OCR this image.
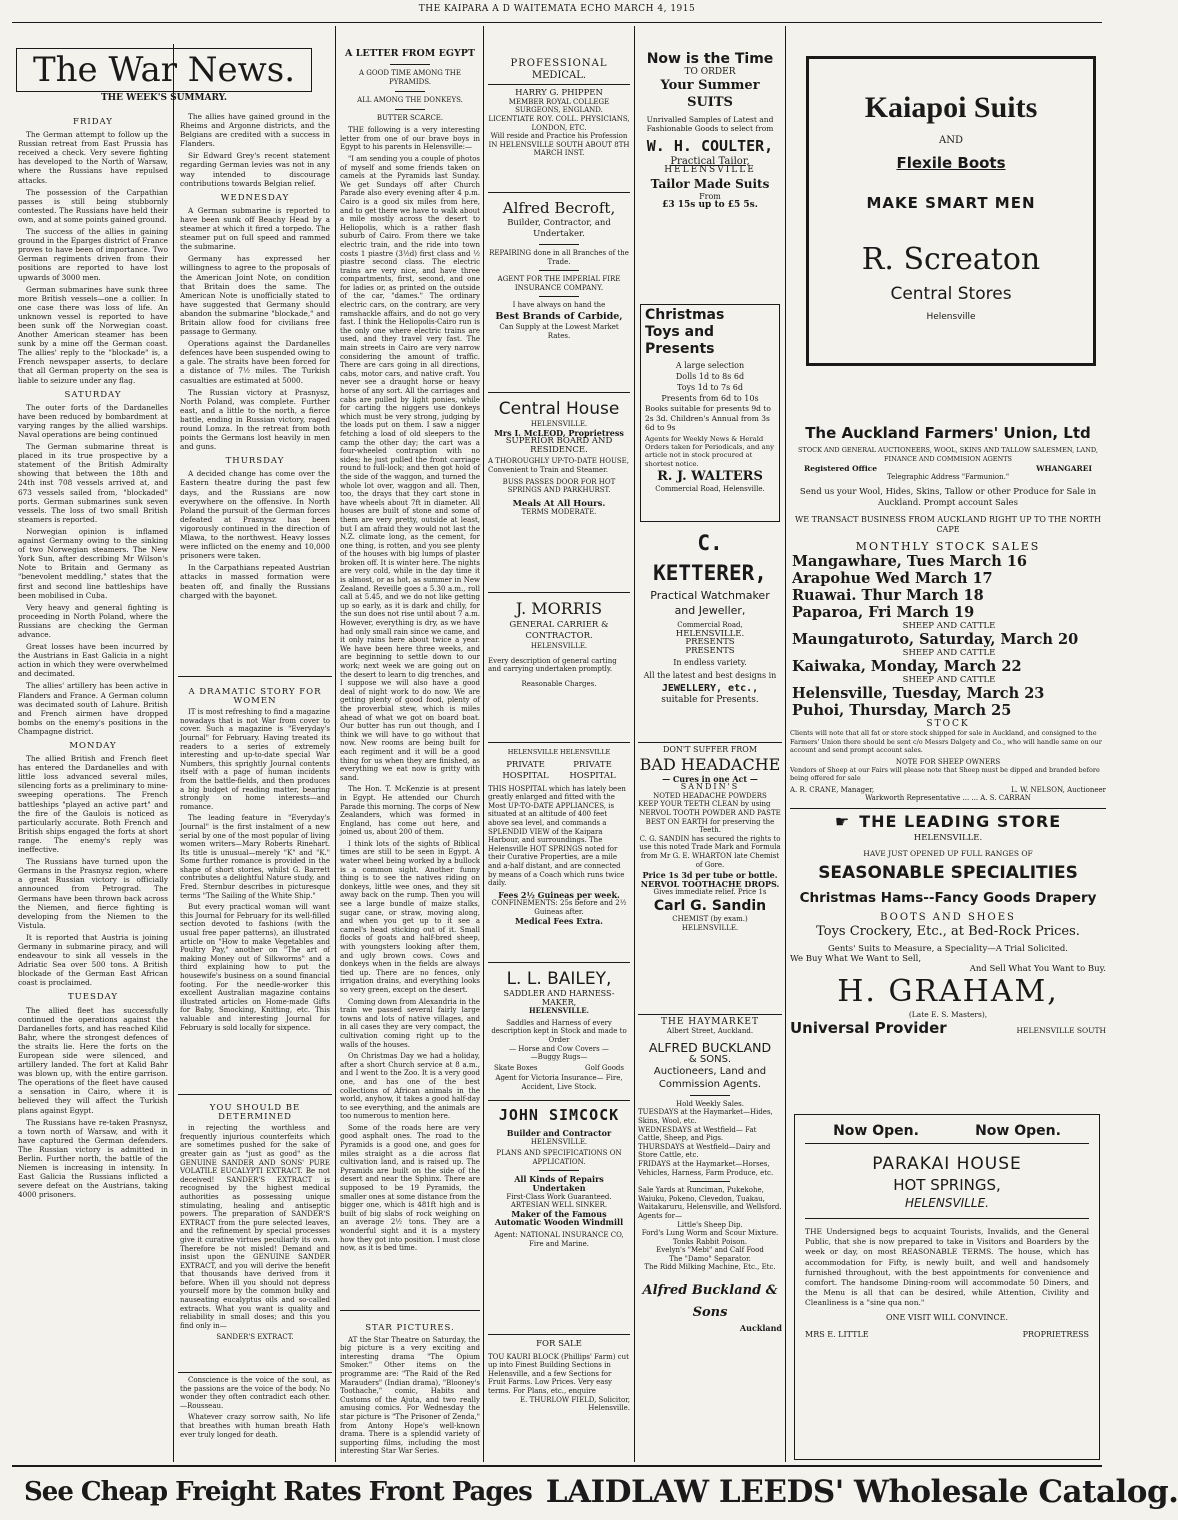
THE KAIPARA A D WAITEMATA ECHO MARCH 4, 1915
The War News.
THE WEEK'S SUMMARY.
FRIDAY

The German attempt to follow up the Russian retreat from East Prussia has received a check. Very severe fighting has developed to the North of Warsaw, where the Russians have repulsed attacks.

The possession of the Carpathian passes is still being stubbornly contested. The Russians have held their own, and at some points gained ground.

The success of the allies in gaining ground in the Eparges district of France proves to have been of importance. Two German regiments driven from their positions are reported to have lost upwards of 3000 men.

German submarines have sunk three more British vessels—one a collier. In one case there was loss of life. An unknown vessel is reported to have been sunk off the Norwegian coast. Another American steamer has been sunk by a mine off the German coast. The allies' reply to the "blockade" is, a French newspaper asserts, to declare that all German property on the sea is liable to seizure under any flag.

SATURDAY

The outer forts of the Dardanelles have been reduced by bombardment at varying ranges by the allied warships. Naval operations are being continued

The German submarine threat is placed in its true prospective by a statement of the British Admiralty showing that between the 18th and 24th inst 708 vessels arrived at, and 673 vessels sailed from, "blockaded" ports. German submarines sunk seven vessels. The loss of two small British steamers is reported.

Norwegian opinion is inflamed against Germany owing to the sinking of two Norwegian steamers. The New York Sun, after describing Mr Wilson's Note to Britain and Germany as "benevolent meddling," states that the first and second line battleships have been mobilised in Cuba.

Very heavy and general fighting is proceeding in North Poland, where the Russians are checking the German advance.

Great losses have been incurred by the Austrians in East Galicia in a night action in which they were overwhelmed and decimated.

The allies' artillery has been active in Flanders and France. A German column was decimated south of Lahure. British and French airmen have dropped bombs on the enemy's positions in the Champagne district.

MONDAY

The allied British and French fleet has entered the Dardanelles and with little loss advanced several miles, silencing forts as a preliminary to mine-sweeping operations. The French battleships "played an active part" and the fire of the Gaulois is noticed as particularly accurate. Both French and British ships engaged the forts at short range. The enemy's reply was ineffective.

The Russians have turned upon the Germans in the Prasnysz region, where a great Russian victory is officially announced from Petrograd. The Germans have been thrown back across the Niemen, and fierce fighting is developing from the Niemen to the Vistula.

It is reported that Austria is joining Germany in submarine piracy, and will endeavour to sink all vessels in the Adriatic Sea over 500 tons. A British blockade of the German East African coast is proclaimed.

TUESDAY

The allied fleet has successfully continued the operations against the Dardanelles forts, and has reached Kilid Bahr, where the strongest defences of the straits lie. Here the forts on the European side were silenced, and artillery landed. The fort at Kalid Bahr was blown up, with the entire garrison. The operations of the fleet have caused a sensation in Cairo, where it is believed they will affect the Turkish plans against Egypt.

The Russians have re-taken Prasnysz, a town north of Warsaw, and with it have captured the German defenders. The Russian victory is admitted in Berlin. Further north, the battle of the Niemen is increasing in intensity. In East Galicia the Russians inflicted a severe defeat on the Austrians, taking 4000 prisoners.

The allies have gained ground in the Rheims and Argonne districts, and the Belgians are credited with a success in Flanders.

Sir Edward Grey's recent statement regarding German levies was not in any way intended to discourage contributions towards Belgian relief.

WEDNESDAY

A German submarine is reported to have been sunk off Beachy Head by a steamer at which it fired a torpedo. The steamer put on full speed and rammed the submarine.

Germany has expressed her willingness to agree to the proposals of the American Joint Note, on condition that Britain does the same. The American Note is unofficially stated to have suggested that Germany should abandon the submarine "blockade," and Britain allow food for civilians free passage to Germany.

Operations against the Dardanelles defences have been suspended owing to a gale. The straits have been forced for a distance of 7½ miles. The Turkish casualties are estimated at 5000.

The Russian victory at Prasnysz, North Poland, was complete. Further east, and a little to the north, a fierce battle, ending in Russian victory, raged round Lomza. In the retreat from both points the Germans lost heavily in men and guns.

THURSDAY

A decided change has come over the Eastern theatre during the past few days, and the Russians are now everywhere on the offensive. In North Poland the pursuit of the German forces defeated at Prasnysz has been vigorously continued in the direction of Mlawa, to the northwest. Heavy losses were inflicted on the enemy and 10,000 prisoners were taken.

In the Carpathians repeated Austrian attacks in massed formation were beaten off, and finally the Russians charged with the bayonet.

A DRAMATIC STORY FOR WOMEN

IT is most refreshing to find a magazine nowadays that is not War from cover to cover. Such a magazine is "Everyday's Journal" for February. Having treated its readers to a series of extremely interesting and up-to-date special War Numbers, this sprightly Journal contents itself with a page of human incidents from the battle-fields, and then produces a big budget of reading matter, bearing strongly on home interests—and romance.

The leading feature in "Everyday's Journal" is the first instalment of a new serial by one of the most popular of living women writers—Mary Roberts Rinehart. Its title is unusual—merely "K" and "K." Some further romance is provided in the shape of short stories, whilst G. Barrett contributes a delightful Nature study, and Fred. Sternbur describes in picturesque terms "The Sailing of the White Ship."

But every practical woman will want this Journal for February for its well-filled section devoted to fashions (with the usual free paper patterns), an illustrated article on "How to make Vegetables and Poultry Pay," another on "The art of making Money out of Silkworms" and a third explaining how to put the housewife's business on a sound financial footing. For the needle-worker this excellent Australian magazine contains illustrated articles on Home-made Gifts for Baby, Smocking, Knitting, etc. This valuable and interesting Journal for February is sold locally for sixpence.

YOU SHOULD BE DETERMINED

in rejecting the worthless and frequently injurious counterfeits which are sometimes pushed for the sake of greater gain as "just as good" as the GENUINE SANDER AND SONS' PURE VOLATILE EUCALYPTI EXTRACT. Be not deceived! SANDER'S EXTRACT is recognised by the highest medical authorities as possessing unique stimulating, healing and antiseptic powers. The preparation of SANDER'S EXTRACT from the pure selected leaves, and the refinement by special processes give it curative virtues peculiarly its own. Therefore be not misled! Demand and insist upon the GENUINE SANDER EXTRACT, and you will derive the benefit that thousands have derived from it before. When ill you should not depress yourself more by the common bulky and nauseating eucalyptus oils and so-called extracts. What you want is quality and reliability in small doses; and this you find only in—

SANDER'S EXTRACT.

Conscience is the voice of the soul, as the passions are the voice of the body. No wonder they often contradict each other.—Rousseau.

Whatever crazy sorrow saith, No life that breathes with human breath Hath ever truly longed for death.

A LETTER FROM EGYPT
A GOOD TIME AMONG THE PYRAMIDS.
ALL AMONG THE DONKEYS.
BUTTER SCARCE.

THE following is a very interesting letter from one of our brave boys in Egypt to his parents in Helensville:—

"I am sending you a couple of photos of myself and some friends taken on camels at the Pyramids last Sunday. We get Sundays off after Church Parade also every evening after 4 p.m. Cairo is a good six miles from here, and to get there we have to walk about a mile mostly across the desert to Heliopolis, which is a rather flash suburb of Cairo. From there we take electric train, and the ride into town costs 1 piastre (3½d) first class and ½ piastre second class. The electric trains are very nice, and have three compartments, first, second, and one for ladies or, as printed on the outside of the car, "dames." The ordinary electric cars, on the contrary, are very ramshackle affairs, and do not go very fast. I think the Heliopolis-Cairo run is the only one where electric trains are used, and they travel very fast. The main streets in Cairo are very narrow considering the amount of traffic. There are cars going in all directions, cabs, motor cars, and native craft. You never see a draught horse or heavy horse of any sort. All the carriages and cabs are pulled by light ponies, while for carting the niggers use donkeys which must be very strong, judging by the loads put on them. I saw a nigger fetching a load of old sleepers to the camp the other day; the cart was a four-wheeled contraption with no sides; he just pulled the front carriage round to full-lock; and then got hold of the side of the waggon, and turned the whole lot over, waggon and all. Then, too, the drays that they cart stone in have wheels about 7ft in diameter. All houses are built of stone and some of them are very pretty, outside at least, but I am afraid they would not last the N.Z. climate long, as the cement, for one thing, is rotten, and you see plenty of the houses with big lumps of plaster broken off. It is winter here. The nights are very cold, while in the day time it is almost, or as hot, as summer in New Zealand. Reveille goes a 5.30 a.m., roll call at 5.45, and we do not like getting up so early, as it is dark and chilly, for the sun does not rise until about 7 a.m. However, everything is dry, as we have had only small rain since we came, and it only rains here about twice a year. We have been here three weeks, and are beginning to settle down to our work; next week we are going out on the desert to learn to dig trenches, and I suppose we will also have a good deal of night work to do now. We are getting plenty of good food, plenty of the proverbial stew, which is miles ahead of what we got on board boat. Our butter has run out though, and I think we will have to go without that now. New rooms are being built for each regiment and it will be a good thing for us when they are finished, as everything we eat now is gritty with sand.

The Hon. T. McKenzie is at present in Egypt. He attended our Church Parade this morning. The corps of New Zealanders, which was formed in England, has come out here, and joined us, about 200 of them.

I think lots of the sights of Biblical times are still to be seen in Egypt. A water wheel being worked by a bullock is a common sight. Another funny thing is to see the natives riding on donkeys, little wee ones, and they sit away back on the rump. Then you will see a large bundle of maize stalks, sugar cane, or straw, moving along, and when you get up to it see a camel's head sticking out of it. Small flocks of goats and half-bred sheep, with youngsters looking after them, and ugly brown cows. Cows and donkeys when in the fields are always tied up. There are no fences, only irrigation drains, and everything looks so very green, except on the desert.

Coming down from Alexandria in the train we passed several fairly large towns and lots of native villages, and in all cases they are very compact, the cultivation coming right up to the walls of the houses.

On Christmas Day we had a holiday, after a short Church service at 8 a.m., and I went to the Zoo. It is a very good one, and has one of the best collections of African animals in the world, anyhow, it takes a good half-day to see everything, and the animals are too numerous to mention here.

Some of the roads here are very good asphalt ones. The road to the Pyramids is a good one, and goes for miles straight as a die across flat cultivation land, and is raised up. The Pyramids are built on the side of the desert and near the Sphinx. There are supposed to be 19 Pyramids, the smaller ones at some distance from the bigger one, which is 481ft high and is built of big slabs of rock weighing on an average 2½ tons. They are a wonderful sight and it is a mystery how they got into position. I must close now, as it is bed time.

STAR PICTURES.

AT the Star Theatre on Saturday, the big picture is a very exciting and interesting drama "The Opium Smoker." Other items on the programme are: "The Raid of the Red Marauders" (Indian drama), "Blooney's Toothache," comic, Habits and Customs of the Ajuta, and two really amusing comics. For Wednesday the star picture is "The Prisoner of Zenda," from Antony Hope's well-known drama. There is a splendid variety of supporting films, including the most interesting Star War Series.

PROFESSIONAL

MEDICAL.

HARRY G. PHIPPEN

MEMBER ROYAL COLLEGE SURGEONS, ENGLAND.

LICENTIATE ROY. COLL. PHYSICIANS, LONDON, ETC.

Will reside and Practice his Profession IN HELENSVILLE SOUTH ABOUT 8TH MARCH INST.

Alfred Becroft,

Builder, Contractor, and Undertaker.

REPAIRING done in all Branches of the Trade.

AGENT FOR THE IMPERIAL FIRE INSURANCE COMPANY.

I have always on hand the

Best Brands of Carbide,

Can Supply at the Lowest Market Rates.

Central House

HELENSVILLE.

Mrs I. McLEOD, Proprietress

SUPERIOR BOARD AND RESIDENCE.

A THOROUGHLY UP-TO-DATE HOUSE, Convenient to Train and Steamer.

BUSS PASSES DOOR FOR HOT SPRINGS AND PARKHURST.

Meals At All Hours.

TERMS MODERATE.

J. MORRIS

GENERAL CARRIER & CONTRACTOR.

HELENSVILLE.

Every description of general carting and carrying undertaken promptly.

Reasonable Charges.

HELENSVILLE HELENSVILLE

PRIVATE HOSPITAL
PRIVATE HOSPITAL

THIS HOSPITAL which has lately been greatly enlarged and fitted with the Most UP-TO-DATE APPLIANCES, is situated at an altitude of 400 feet above sea level, and commands a SPLENDID VIEW of the Kaipara Harbour, and surroundings. The Helensville HOT SPRINGS noted for their Curative Properties, are a mile and a-half distant, and are connected by means of a Coach which runs twice daily.

Fees 2½ Guineas per week.

CONFINEMENTS: 25s before and 2½ Guineas after.

Medical Fees Extra.

L. L. BAILEY,

SADDLER AND HARNESS-MAKER,

HELENSVILLE.

Saddles and Harness of every description kept in Stock and made to Order

— Horse and Cow Covers —

—Buggy Rugs—

Skate Boxes	Golf Goods

Agent for Victoria Insurance— Fire, Accident, Live Stock.

JOHN SIMCOCK

Builder and Contractor

HELENSVILLE.

PLANS AND SPECIFICATIONS ON APPLICATION.

All Kinds of Repairs Undertaken

First-Class Work Guaranteed. ARTESIAN WELL SINKER.

Maker of the Famous Automatic Wooden Windmill

Agent: NATIONAL INSURANCE CO, Fire and Marine.

FOR SALE

TOU KAURI BLOCK (Phillips' Farm) cut up into Finest Building Sections in Helensville, and a few Sections for Fruit Farms. Low Prices. Very easy terms. For Plans, etc., enquire

E. THURLOW FIELD, Solicitor, Helensville.

Now is the Time

TO ORDER

Your Summer

SUITS

Unrivalled Samples of Latest and Fashionable Goods to select from

W. H. COULTER,

Practical Tailor,

HELENSVILLE

Tailor Made Suits

From

£3 15s up to £5 5s.

Christmas

Toys and

Presents

A large selection

Dolls 1d to 8s 6d

Toys 1d to 7s 6d

Presents from 6d to 10s

Books suitable for presents 9d to 2s 3d. Children's Annual from 3s 6d to 9s

Agents for Weekly News & Herald Orders taken for Periodicals, and any article not in stock procured at shortest notice.

R. J. WALTERS

Commercial Road, Helensville.

C. KETTERER,

Practical Watchmaker

and Jeweller,

Commercial Road,

HELENSVILLE.

PRESENTS

PRESENTS

In endless variety.

All the latest and best designs in

JEWELLERY, etc.,

suitable for Presents.

DON'T SUFFER FROM

BAD HEADACHE

— Cures in one Act —

SANDIN'S

NOTED HEADACHE POWDERS

KEEP YOUR TEETH CLEAN by using

NERVOL TOOTH POWDER AND PASTE

BEST ON EARTH for preserving the Teeth.

C. G. SANDIN has secured the rights to use this noted Trade Mark and Formula from Mr G. E. WHARTON late Chemist of Gore.

Price 1s 3d per tube or bottle.

NERVOL TOOTHACHE DROPS.

Gives immediate relief. Price 1s

Carl G. Sandin

CHEMIST (by exam.)

HELENSVILLE.

THE HAYMARKET

Albert Street, Auckland.

ALFRED BUCKLAND

& SONS.

Auctioneers, Land and Commission Agents.

Hold Weekly Sales.

TUESDAYS at the Haymarket—Hides, Skins, Wool, etc.

WEDNESDAYS at Westfield— Fat Cattle, Sheep, and Pigs.

THURSDAYS at Westfield—Dairy and Store Cattle, etc.

FRIDAYS at the Haymarket—Horses, Vehicles, Harness, Farm Produce, etc.

Sale Yards at Runciman, Pukekohe, Waiuku, Pokeno, Clevedon, Tuakau, Waitakaruru, Helensville, and Wellsford.

Agents for—

Little's Sheep Dip.

Ford's Lung Worm and Scour Mixture.

Tonks Rabbit Poison.

Evelyn's "Mebi" and Calf Food

The "Damo" Separator.

The Ridd Milking Machine, Etc., Etc.

Alfred Buckland & Sons

Auckland

Kaiapoi Suits

AND

Flexile Boots

MAKE SMART MEN

R. Screaton

Central Stores

Helensville

The Auckland Farmers' Union, Ltd

STOCK AND GENERAL AUCTIONEERS, WOOL, SKINS AND TALLOW SALESMEN, LAND, FINANCE AND COMMISION AGENTS

Registered Office	WHANGAREI

Telegraphic Address "Farmunion."

Send us your Wool, Hides, Skins, Tallow or other Produce for Sale in Auckland. Prompt account Sales

WE TRANSACT BUSINESS FROM AUCKLAND RIGHT UP TO THE NORTH CAPE

MONTHLY STOCK SALES

Mangawhare, Tues March 16

Arapohue Wed March 17

Ruawai. Thur March 18

Paparoa, Fri March 19

SHEEP AND CATTLE

Maungaturoto, Saturday, March 20

SHEEP AND CATTLE

Kaiwaka, Monday, March 22

SHEEP AND CATTLE

Helensville, Tuesday, March 23

Puhoi, Thursday, March 25

STOCK

Clients will note that all fat or store stock shipped for sale in Auckland, and consigned to the Farmers' Union there should be sent c/o Messrs Dalgety and Co., who will handle same on our account and send prompt account sales.

NOTE FOR SHEEP OWNERS

Vendors of Sheep at our Fairs will please note that Sheep must be dipped and branded before being offered for sale

A. R. CRANE, Manager,	L. W. NELSON, Auctioneer

Warkworth Representative ... ... A. S. CARRAN

☛ THE LEADING STORE

HELENSVILLE.

HAVE JUST OPENED UP FULL RANGES OF

SEASONABLE SPECIALITIES

Christmas Hams--Fancy Goods Drapery

BOOTS AND SHOES

Toys Crockery, Etc., at Bed-Rock Prices.

Gents' Suits to Measure, a Speciality—A Trial Solicited.

We Buy What We Want to Sell,

And Sell What You Want to Buy.

H. GRAHAM,

(Late E. S. Masters),

Universal Provider	HELENSVILLE SOUTH
Now Open.	Now Open.

PARAKAI HOUSE

HOT SPRINGS,

HELENSVILLE.

THE Undersigned begs to acquaint Tourists, Invalids, and the General Public, that she is now prepared to take in Visitors and Boarders by the week or day, on most REASONABLE TERMS. The house, which has accommodation for Fifty, is newly built, and well and handsomely furnished throughout, with the best appointments for convenience and comfort. The handsome Dining-room will accommodate 50 Diners, and the Menu is all that can be desired, while Attention, Civility and Cleanliness is a "sine qua non."

ONE VISIT WILL CONVINCE.

MRS E. LITTLE	PROPRIETRESS
See Cheap Freight Rates Front Pages LAIDLAW LEEDS' Wholesale Catalog.
